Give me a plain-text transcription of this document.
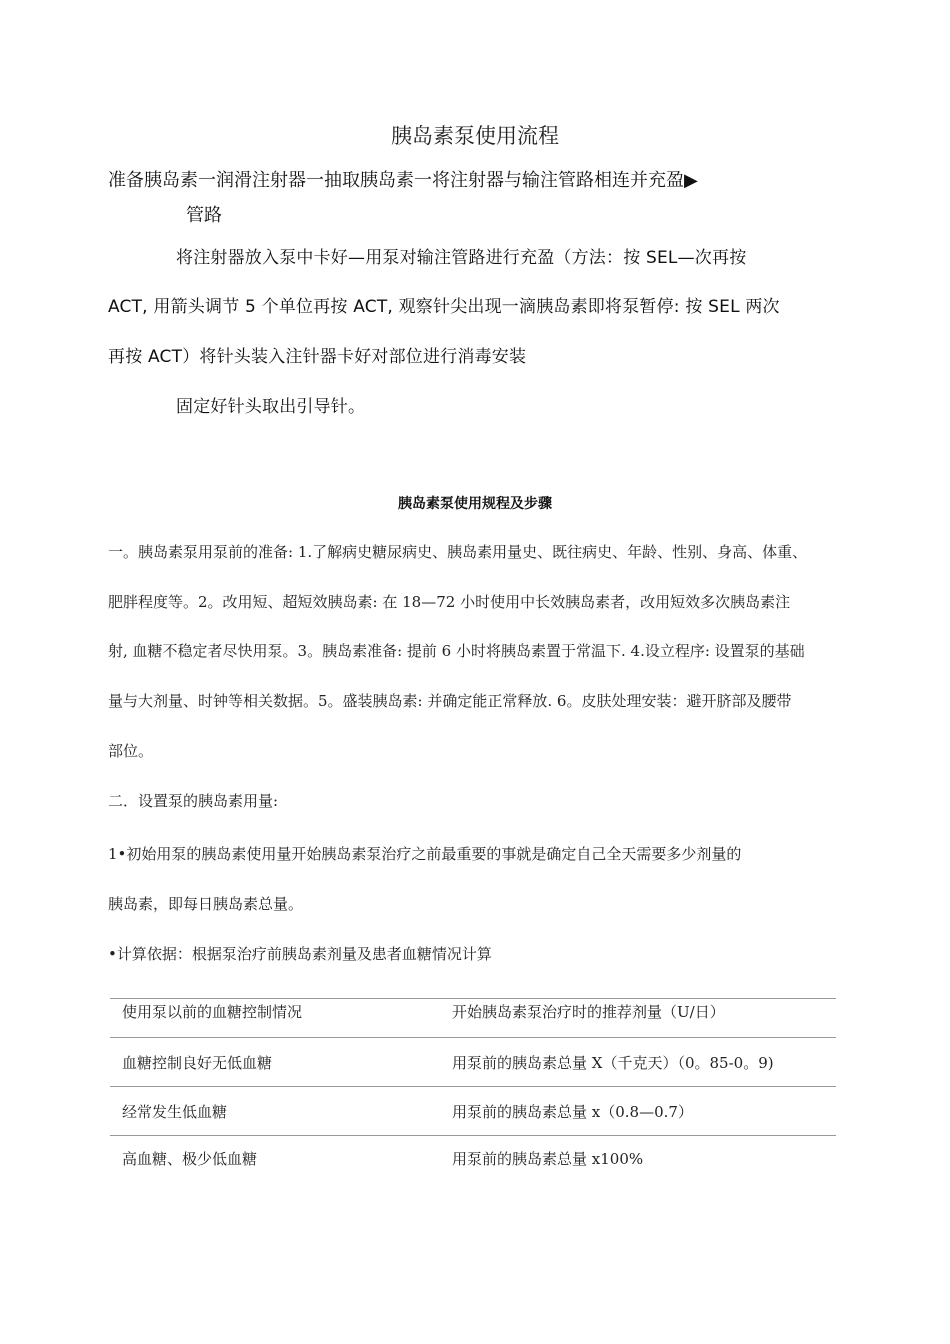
胰岛素泵使用流程
准备胰岛素一润滑注射器一抽取胰岛素一将注射器与输注管路相连并充盈▶
管路
将注射器放入泵中卡好—用泵对输注管路进行充盈（方法：按 SEL—次再按
ACT, 用箭头调节 5 个单位再按 ACT, 观察针尖出现一滴胰岛素即将泵暂停: 按 SEL 两次
再按 ACT）将针头装入注针器卡好对部位进行消毒安装
固定好针头取出引导针。
胰岛素泵使用规程及步骤
一。胰岛素泵用泵前的准备: 1.了解病史糖尿病史、胰岛素用量史、既往病史、年龄、性别、身高、体重、
肥胖程度等。2。改用短、超短效胰岛素: 在 18—72 小时使用中长效胰岛素者，改用短效多次胰岛素注
射, 血糖不稳定者尽快用泵。3。胰岛素准备: 提前 6 小时将胰岛素置于常温下. 4.设立程序: 设置泵的基础
量与大剂量、时钟等相关数据。5。盛装胰岛素: 并确定能正常释放. 6。皮肤处理安装：避开脐部及腰带
部位。
二．设置泵的胰岛素用量:
1•初始用泵的胰岛素使用量开始胰岛素泵治疗之前最重要的事就是确定自己全天需要多少剂量的
胰岛素，即每日胰岛素总量。
•计算依据：根据泵治疗前胰岛素剂量及患者血糖情况计算
使用泵以前的血糖控制情况	开始胰岛素泵治疗时的推荐剂量（U/日）
血糖控制良好无低血糖	用泵前的胰岛素总量 X（千克天）（0。85-0。9)
经常发生低血糖	用泵前的胰岛素总量 x（0.8—0.7）
高血糖、极少低血糖	用泵前的胰岛素总量 x100%
